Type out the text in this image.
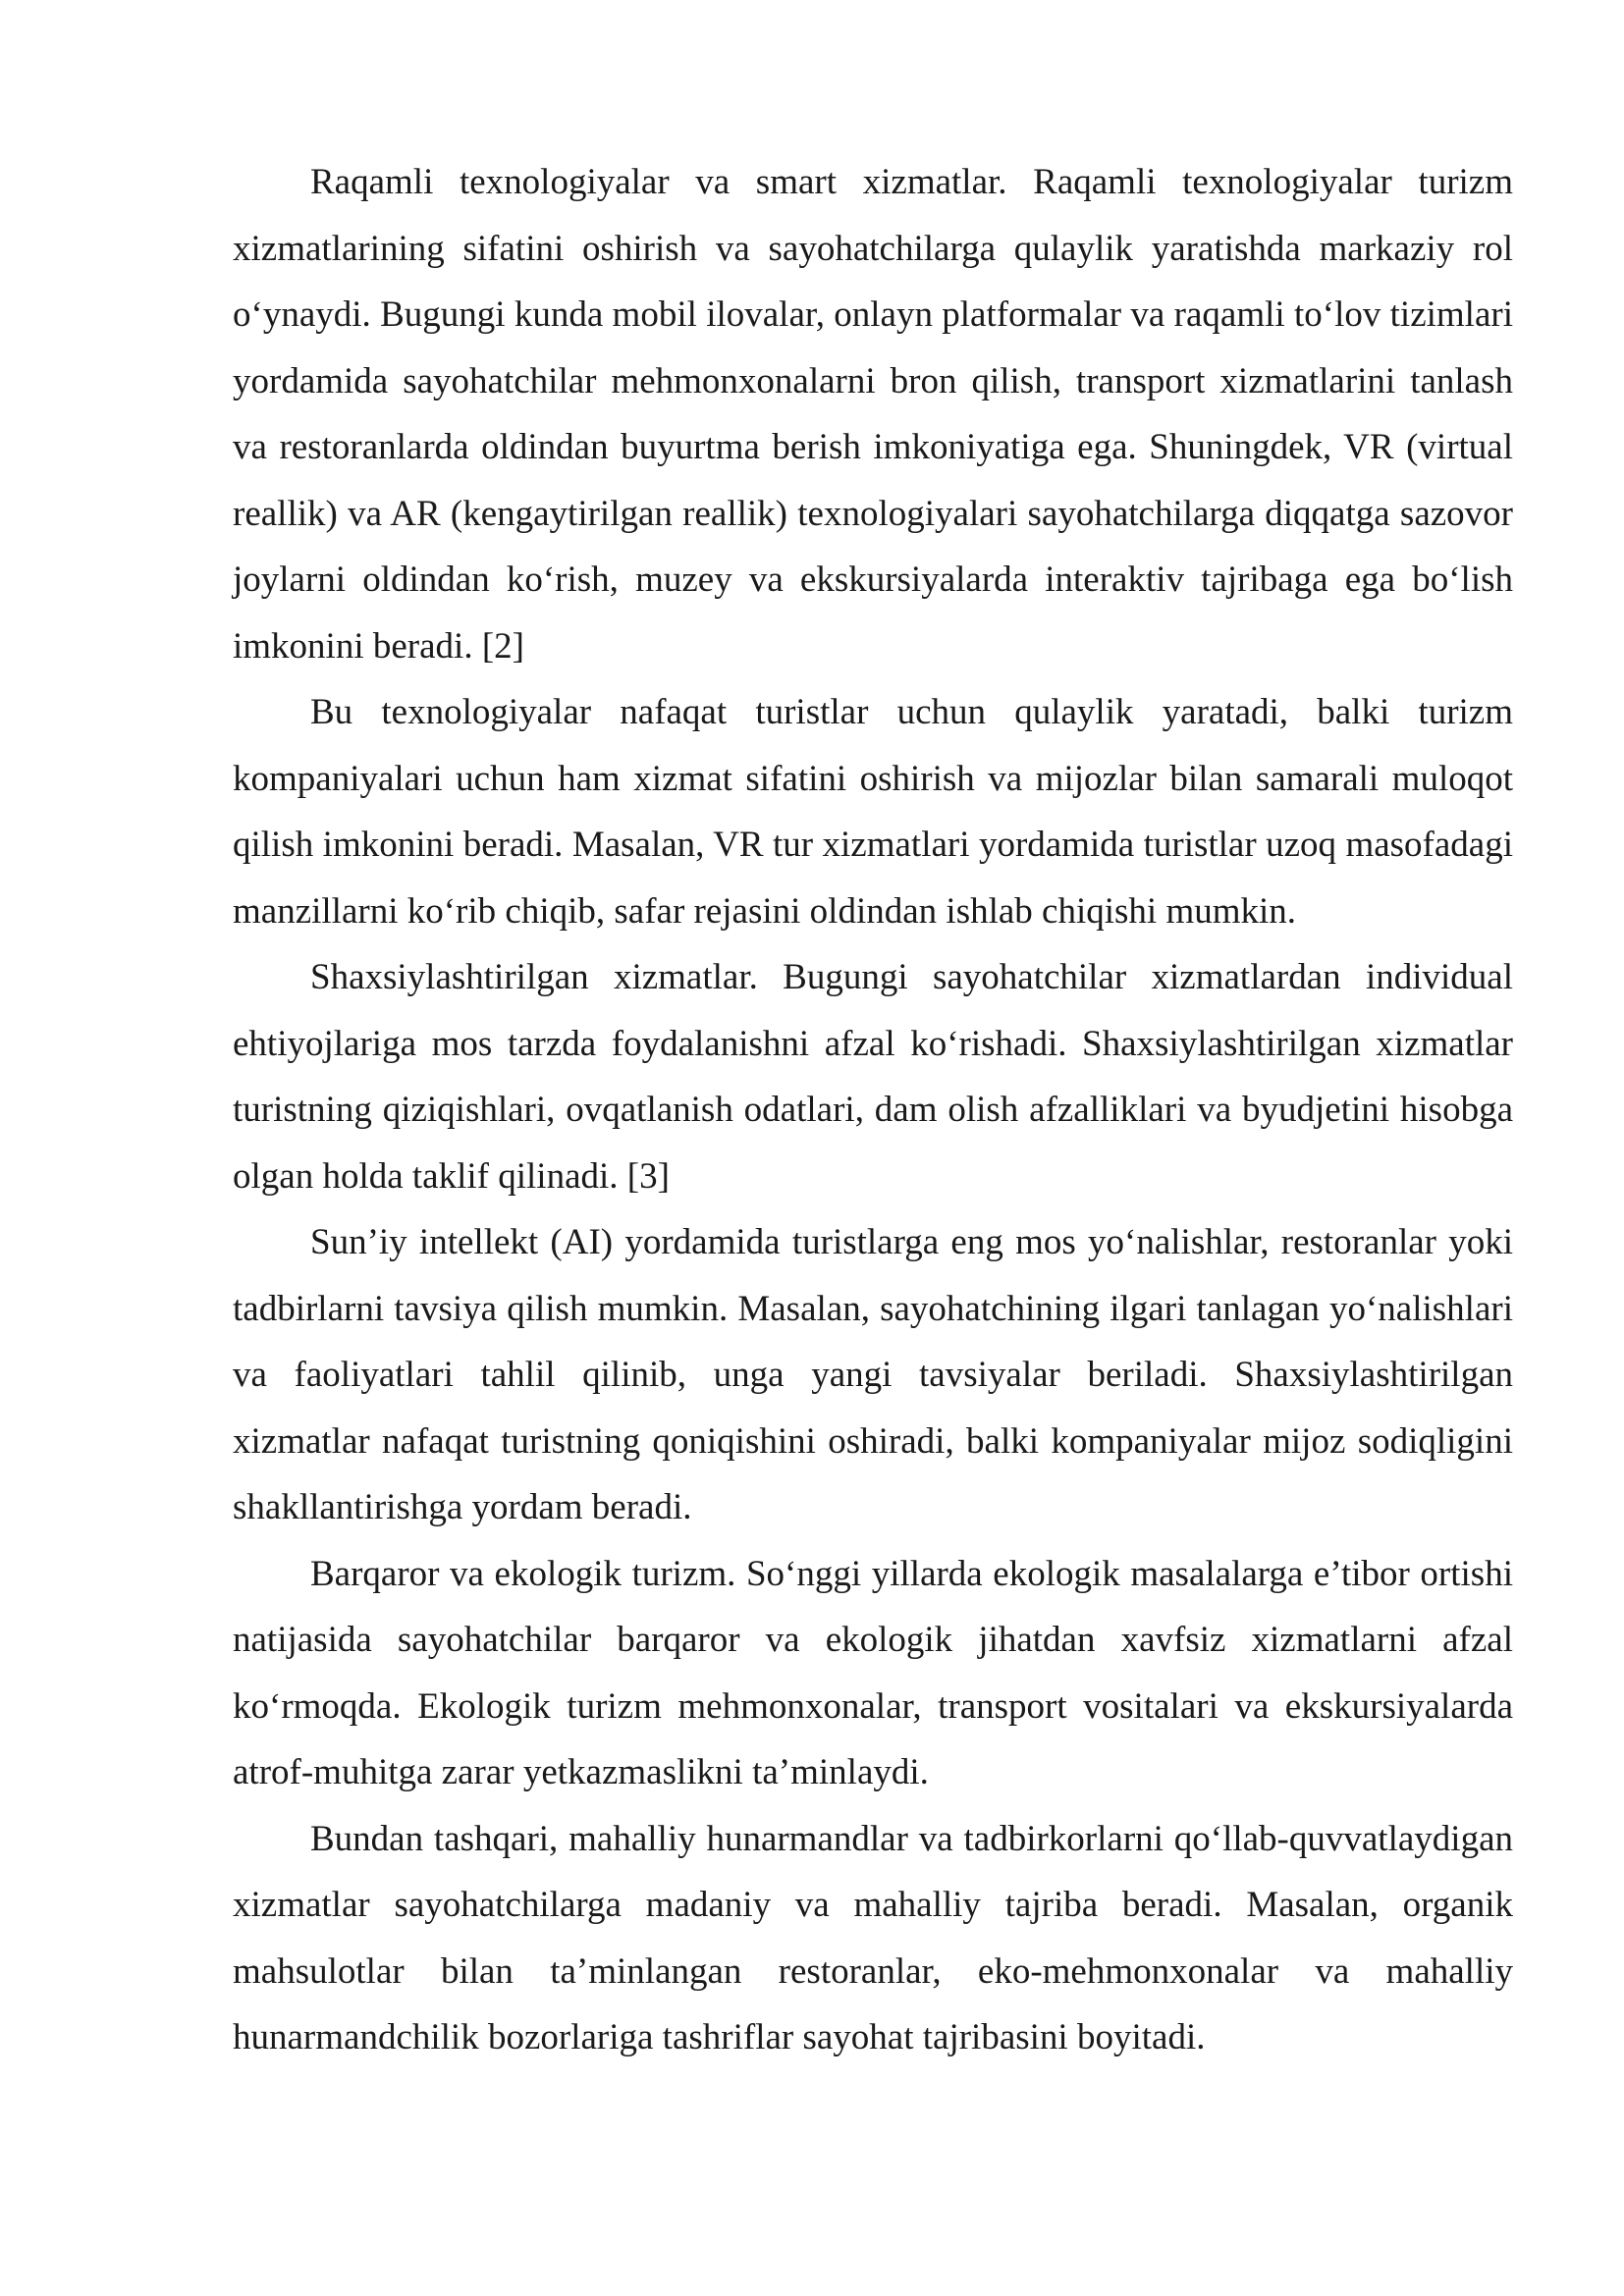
Raqamli texnologiyalar va smart xizmatlar. Raqamli texnologiyalar turizm xizmatlarining sifatini oshirish va sayohatchilarga qulaylik yaratishda markaziy rol o‘ynaydi. Bugungi kunda mobil ilovalar, onlayn platformalar va raqamli to‘lov tizimlari yordamida sayohatchilar mehmonxonalarni bron qilish, transport xizmatlarini tanlash va restoranlarda oldindan buyurtma berish imkoniyatiga ega. Shuningdek, VR (virtual reallik) va AR (kengaytirilgan reallik) texnologiyalari sayohatchilarga diqqatga sazovor joylarni oldindan ko‘rish, muzey va ekskursiyalarda interaktiv tajribaga ega bo‘lish imkonini beradi. [2]

Bu texnologiyalar nafaqat turistlar uchun qulaylik yaratadi, balki turizm kompaniyalari uchun ham xizmat sifatini oshirish va mijozlar bilan samarali muloqot qilish imkonini beradi. Masalan, VR tur xizmatlari yordamida turistlar uzoq masofadagi manzillarni ko‘rib chiqib, safar rejasini oldindan ishlab chiqishi mumkin.

Shaxsiylashtirilgan xizmatlar. Bugungi sayohatchilar xizmatlardan individual ehtiyojlariga mos tarzda foydalanishni afzal ko‘rishadi. Shaxsiylashtirilgan xizmatlar turistning qiziqishlari, ovqatlanish odatlari, dam olish afzalliklari va byudjetini hisobga olgan holda taklif qilinadi. [3]

Sun’iy intellekt (AI) yordamida turistlarga eng mos yo‘nalishlar, restoranlar yoki tadbirlarni tavsiya qilish mumkin. Masalan, sayohatchining ilgari tanlagan yo‘nalishlari va faoliyatlari tahlil qilinib, unga yangi tavsiyalar beriladi. Shaxsiylashtirilgan xizmatlar nafaqat turistning qoniqishini oshiradi, balki kompaniyalar mijoz sodiqligini shakllantirishga yordam beradi.

Barqaror va ekologik turizm. So‘nggi yillarda ekologik masalalarga e’tibor ortishi natijasida sayohatchilar barqaror va ekologik jihatdan xavfsiz xizmatlarni afzal ko‘rmoqda. Ekologik turizm mehmonxonalar, transport vositalari va ekskursiyalarda atrof-muhitga zarar yetkazmaslikni ta’minlaydi.

Bundan tashqari, mahalliy hunarmandlar va tadbirkorlarni qo‘llab-quvvatlaydigan xizmatlar sayohatchilarga madaniy va mahalliy tajriba beradi. Masalan, organik mahsulotlar bilan ta’minlangan restoranlar, eko-mehmonxonalar va mahalliy hunarmandchilik bozorlariga tashriflar sayohat tajribasini boyitadi.
